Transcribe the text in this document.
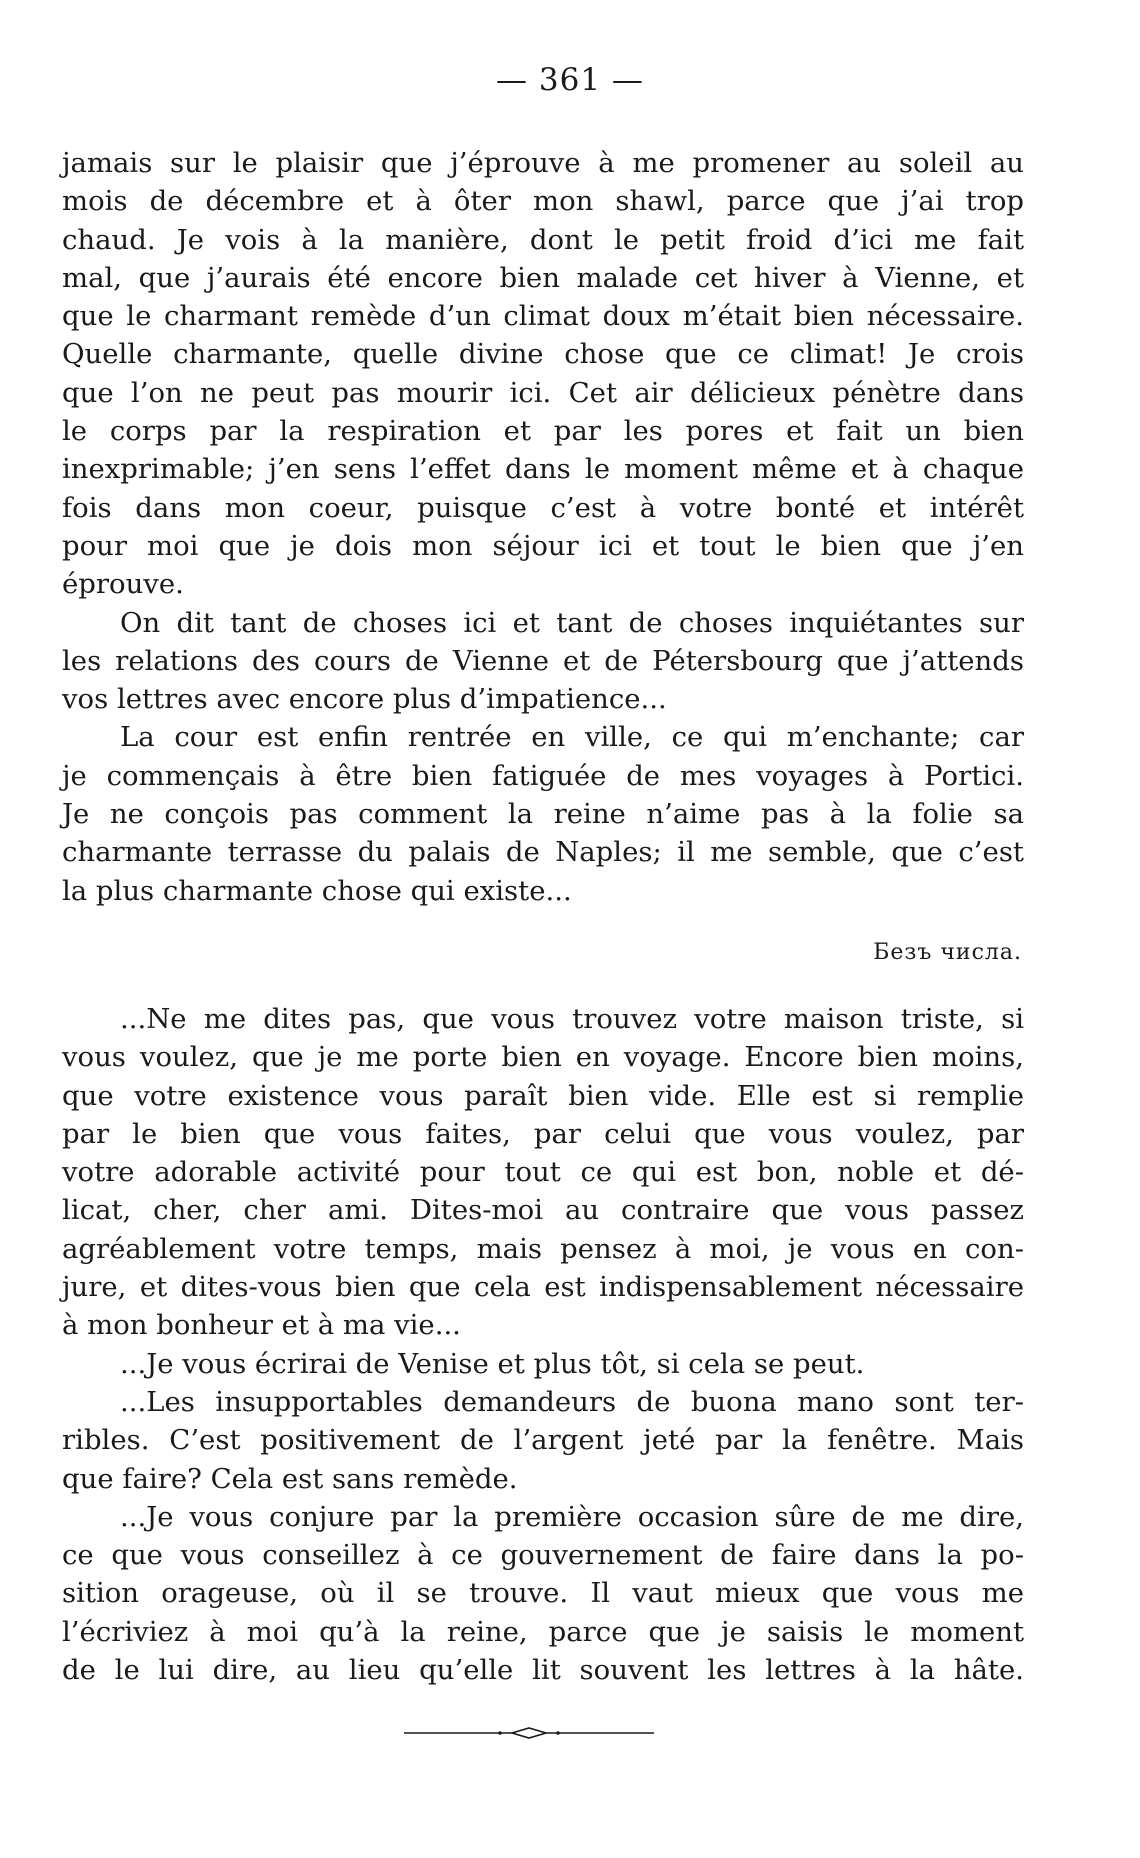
— 361 —
jamais sur le plaisir que j’éprouve à me promener au soleil au
mois de décembre et à ôter mon shawl, parce que j’ai trop
chaud. Je vois à la manière, dont le petit froid d’ici me fait
mal, que j’aurais été encore bien malade cet hiver à Vienne, et
que le charmant remède d’un climat doux m’était bien nécessaire.
Quelle charmante, quelle divine chose que ce climat! Je crois
que l’on ne peut pas mourir ici. Cet air délicieux pénètre dans
le corps par la respiration et par les pores et fait un bien
inexprimable; j’en sens l’effet dans le moment même et à chaque
fois dans mon coeur, puisque c’est à votre bonté et intérêt
pour moi que je dois mon séjour ici et tout le bien que j’en
éprouve.
On dit tant de choses ici et tant de choses inquiétantes sur
les relations des cours de Vienne et de Pétersbourg que j’attends
vos lettres avec encore plus d’impatience...
La cour est enfin rentrée en ville, ce qui m’enchante; car
je commençais à être bien fatiguée de mes voyages à Portici.
Je ne conçois pas comment la reine n’aime pas à la folie sa
charmante terrasse du palais de Naples; il me semble, que c’est
la plus charmante chose qui existe...
Безъ числа.
...Ne me dites pas, que vous trouvez votre maison triste, si
vous voulez, que je me porte bien en voyage. Encore bien moins,
que votre existence vous paraît bien vide. Elle est si remplie
par le bien que vous faites, par celui que vous voulez, par
votre adorable activité pour tout ce qui est bon, noble et dé-
licat, cher, cher ami. Dites-moi au contraire que vous passez
agréablement votre temps, mais pensez à moi, je vous en con-
jure, et dites-vous bien que cela est indispensablement nécessaire
à mon bonheur et à ma vie...
...Je vous écrirai de Venise et plus tôt, si cela se peut.
...Les insupportables demandeurs de buona mano sont ter-
ribles. C’est positivement de l’argent jeté par la fenêtre. Mais
que faire? Cela est sans remède.
...Je vous conjure par la première occasion sûre de me dire,
ce que vous conseillez à ce gouvernement de faire dans la po-
sition orageuse, où il se trouve. Il vaut mieux que vous me
l’écriviez à moi qu’à la reine, parce que je saisis le moment
de le lui dire, au lieu qu’elle lit souvent les lettres à la hâte.
